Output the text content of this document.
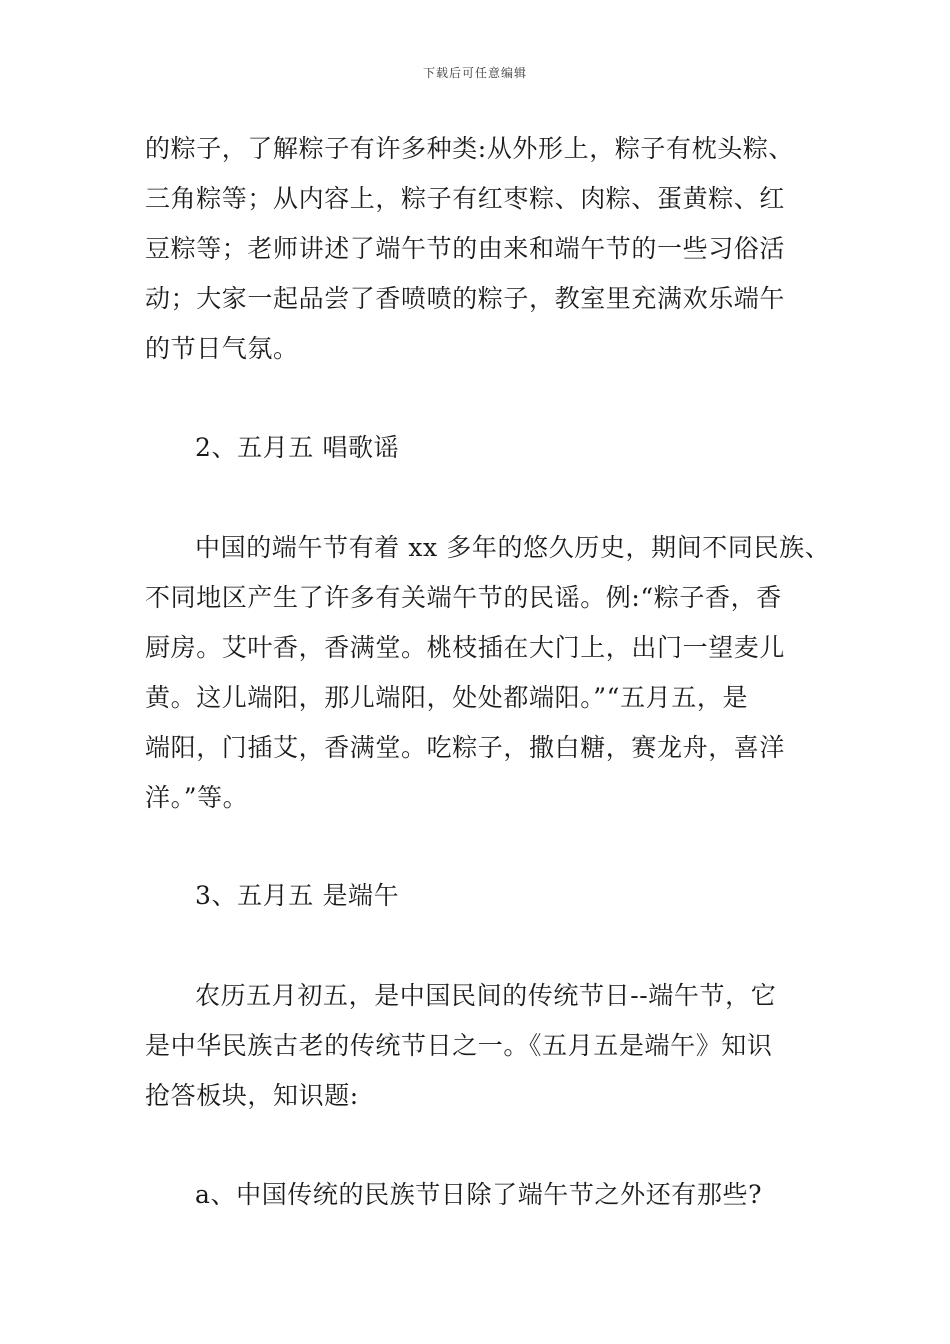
下载后可任意编辑
的粽子，了解粽子有许多种类:从外形上，粽子有枕头粽、
三角粽等；从内容上，粽子有红枣粽、肉粽、蛋黄粽、红
豆粽等；老师讲述了端午节的由来和端午节的一些习俗活
动；大家一起品尝了香喷喷的粽子，教室里充满欢乐端午
的节日气氛。
2、五月五 唱歌谣
中国的端午节有着 xx 多年的悠久历史，期间不同民族、
不同地区产生了许多有关端午节的民谣。例:“粽子香，香
厨房。艾叶香，香满堂。桃枝插在大门上，出门一望麦儿
黄。这儿端阳，那儿端阳，处处都端阳。”“五月五，是
端阳，门插艾，香满堂。吃粽子，撒白糖，赛龙舟，喜洋
洋。”等。
3、五月五 是端午
农历五月初五，是中国民间的传统节日--端午节，它
是中华民族古老的传统节日之一。《五月五是端午》知识
抢答板块，知识题:
a、中国传统的民族节日除了端午节之外还有那些?
